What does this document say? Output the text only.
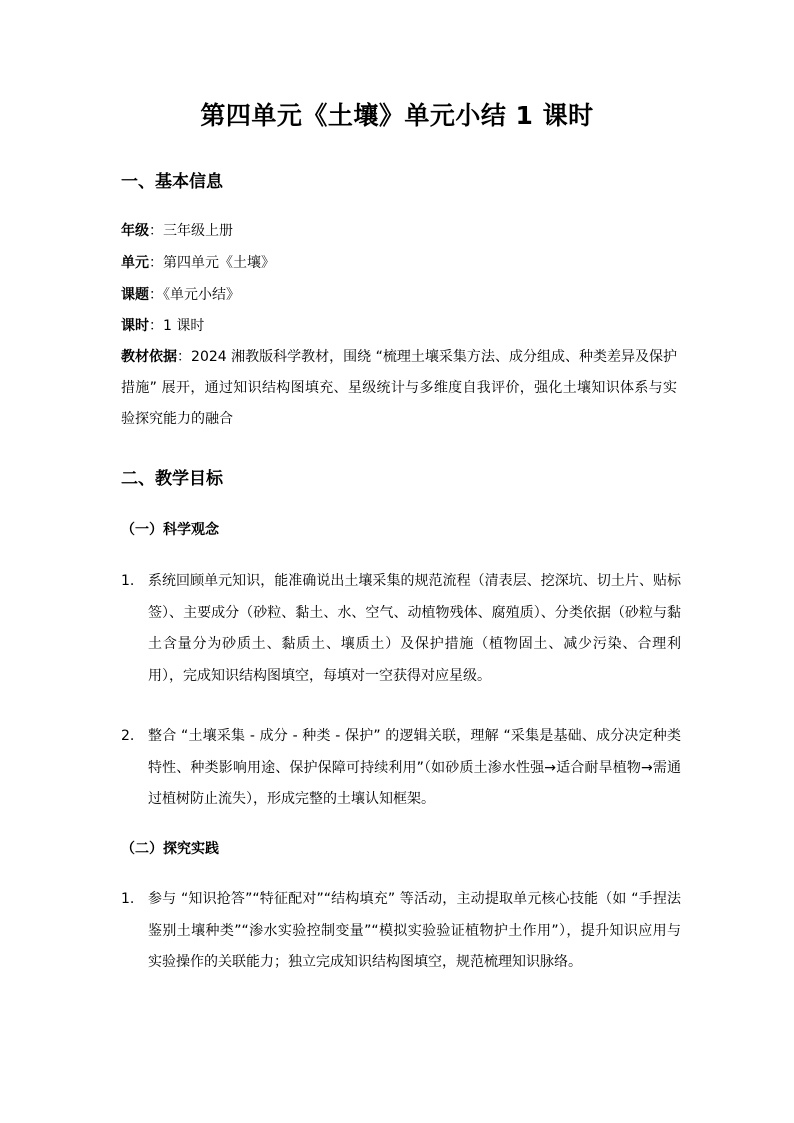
第四单元《土壤》单元小结 1 课时
一、基本信息

年级：三年级上册

单元：第四单元《土壤》

课题：《单元小结》

课时：1 课时

教材依据：2024 湘教版科学教材，围绕 “梳理土壤采集方法、成分组成、种类差异及保护措施” 展开，通过知识结构图填充、星级统计与多维度自我评价，强化土壤知识体系与实验探究能力的融合

二、教学目标
（一）科学观念
1. 系统回顾单元知识，能准确说出土壤采集的规范流程（清表层、挖深坑、切土片、贴标签）、主要成分（砂粒、黏土、水、空气、动植物残体、腐殖质）、分类依据（砂粒与黏土含量分为砂质土、黏质土、壤质土）及保护措施（植物固土、减少污染、合理利用），完成知识结构图填空，每填对一空获得对应星级。
2. 整合 “土壤采集 - 成分 - 种类 - 保护” 的逻辑关联，理解 “采集是基础、成分决定种类特性、种类影响用途、保护保障可持续利用”（如砂质土渗水性强→适合耐旱植物→需通过植树防止流失），形成完整的土壤认知框架。
（二）探究实践
1. 参与 “知识抢答”“特征配对”“结构填充” 等活动，主动提取单元核心技能（如 “手捏法鉴别土壤种类”“渗水实验控制变量”“模拟实验验证植物护土作用”），提升知识应用与实验操作的关联能力；独立完成知识结构图填空，规范梳理知识脉络。
